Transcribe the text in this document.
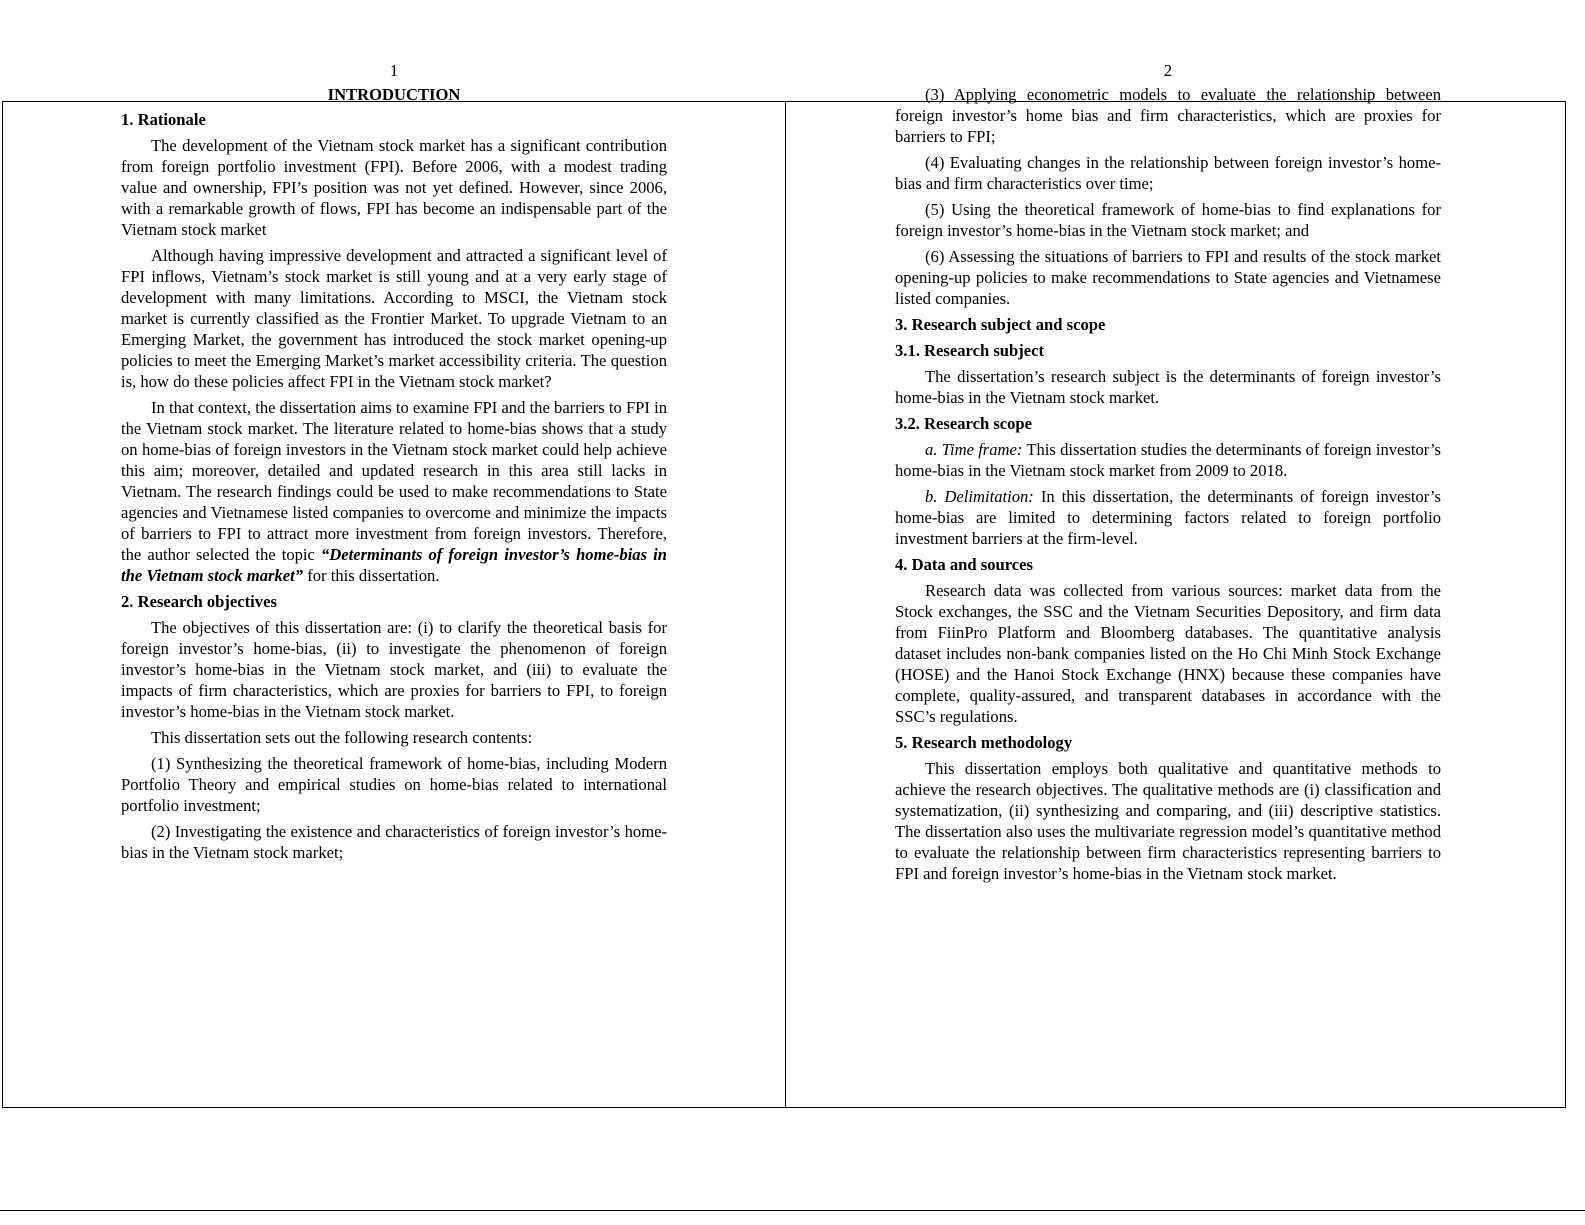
1
INTRODUCTION
1. Rationale

The development of the Vietnam stock market has a significant contribution from foreign portfolio investment (FPI). Before 2006, with a modest trading value and ownership, FPI’s position was not yet defined. However, since 2006, with a remarkable growth of flows, FPI has become an indispensable part of the Vietnam stock market

Although having impressive development and attracted a significant level of FPI inflows, Vietnam’s stock market is still young and at a very early stage of development with many limitations. According to MSCI, the Vietnam stock market is currently classified as the Frontier Market. To upgrade Vietnam to an Emerging Market, the government has introduced the stock market opening-up policies to meet the Emerging Market’s market accessibility criteria. The question is, how do these policies affect FPI in the Vietnam stock market?

In that context, the dissertation aims to examine FPI and the barriers to FPI in the Vietnam stock market. The literature related to home-bias shows that a study on home-bias of foreign investors in the Vietnam stock market could help achieve this aim; moreover, detailed and updated research in this area still lacks in Vietnam. The research findings could be used to make recommendations to State agencies and Vietnamese listed companies to overcome and minimize the impacts of barriers to FPI to attract more investment from foreign investors. Therefore, the author selected the topic “Determinants of foreign investor’s home-bias in the Vietnam stock market” for this dissertation.

2. Research objectives

The objectives of this dissertation are: (i) to clarify the theoretical basis for foreign investor’s home-bias, (ii) to investigate the phenomenon of foreign investor’s home-bias in the Vietnam stock market, and (iii) to evaluate the impacts of firm characteristics, which are proxies for barriers to FPI, to foreign investor’s home-bias in the Vietnam stock market.

This dissertation sets out the following research contents:

(1) Synthesizing the theoretical framework of home-bias, including Modern Portfolio Theory and empirical studies on home-bias related to international portfolio investment;

(2) Investigating the existence and characteristics of foreign investor’s home-bias in the Vietnam stock market;

2

(3) Applying econometric models to evaluate the relationship between foreign investor’s home bias and firm characteristics, which are proxies for barriers to FPI;

(4) Evaluating changes in the relationship between foreign investor’s home-bias and firm characteristics over time;

(5) Using the theoretical framework of home-bias to find explanations for foreign investor’s home-bias in the Vietnam stock market; and

(6) Assessing the situations of barriers to FPI and results of the stock market opening-up policies to make recommendations to State agencies and Vietnamese listed companies.

3. Research subject and scope
3.1. Research subject

The dissertation’s research subject is the determinants of foreign investor’s home-bias in the Vietnam stock market.

3.2. Research scope

a. Time frame: This dissertation studies the determinants of foreign investor’s home-bias in the Vietnam stock market from 2009 to 2018.

b. Delimitation: In this dissertation, the determinants of foreign investor’s home-bias are limited to determining factors related to foreign portfolio investment barriers at the firm-level.

4. Data and sources

Research data was collected from various sources: market data from the Stock exchanges, the SSC and the Vietnam Securities Depository, and firm data from FiinPro Platform and Bloomberg databases. The quantitative analysis dataset includes non-bank companies listed on the Ho Chi Minh Stock Exchange (HOSE) and the Hanoi Stock Exchange (HNX) because these companies have complete, quality-assured, and transparent databases in accordance with the SSC’s regulations.

5. Research methodology

This dissertation employs both qualitative and quantitative methods to achieve the research objectives. The qualitative methods are (i) classification and systematization, (ii) synthesizing and comparing, and (iii) descriptive statistics. The dissertation also uses the multivariate regression model’s quantitative method to evaluate the relationship between firm characteristics representing barriers to FPI and foreign investor’s home-bias in the Vietnam stock market.
